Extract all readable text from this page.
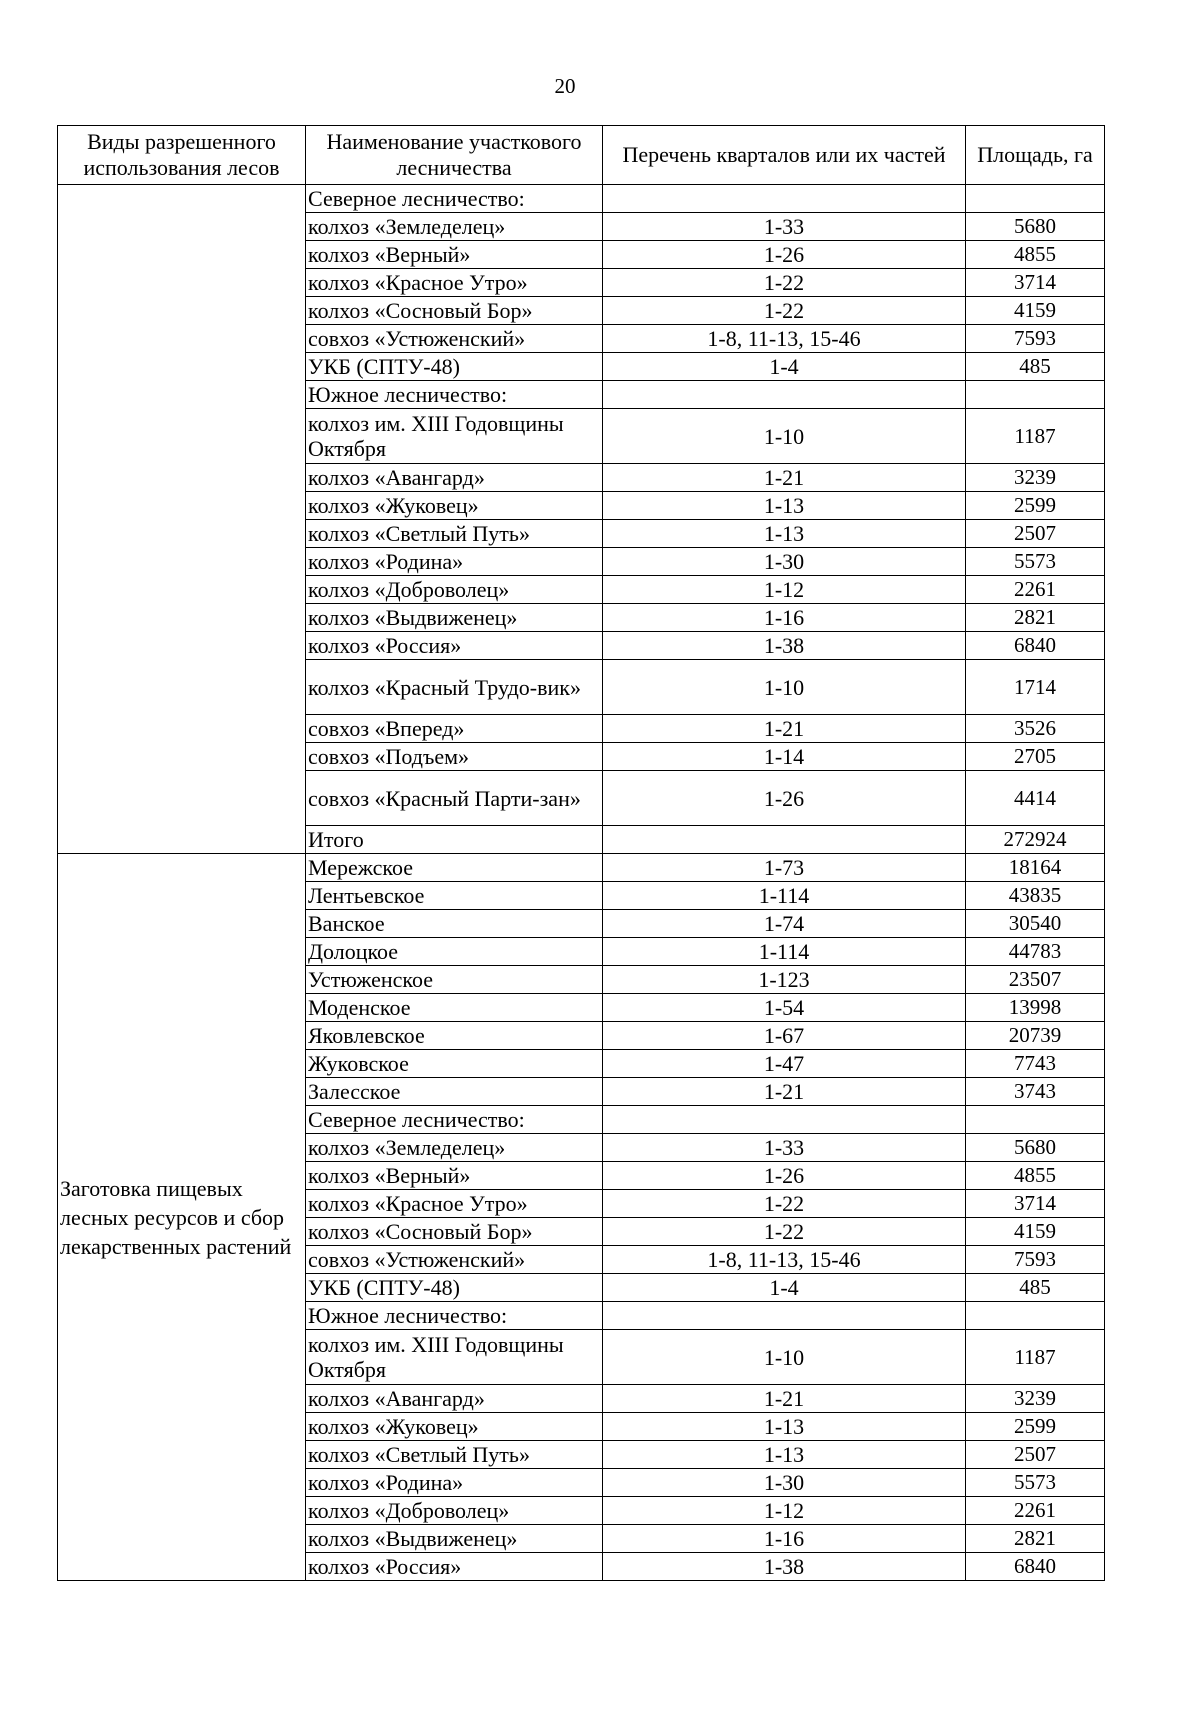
20
Виды разрешенного использования лесов	Наименование участкового лесничества	Перечень кварталов или их частей	Площадь, га
	Северное лесничество:		
	колхоз «Земледелец»	1-33	5680
	колхоз «Верный»	1-26	4855
	колхоз «Красное Утро»	1-22	3714
	колхоз «Сосновый Бор»	1-22	4159
	совхоз «Устюженский»	1-8, 11-13, 15-46	7593
	УКБ (СПТУ-48)	1-4	485
	Южное лесничество:		
	колхоз им. XIII Годовщины Октября	1-10	1187
	колхоз «Авангард»	1-21	3239
	колхоз «Жуковец»	1-13	2599
	колхоз «Светлый Путь»	1-13	2507
	колхоз «Родина»	1-30	5573
	колхоз «Доброволец»	1-12	2261
	колхоз «Выдвиженец»	1-16	2821
	колхоз «Россия»	1-38	6840
	колхоз «Красный Трудо-вик»	1-10	1714
	совхоз «Вперед»	1-21	3526
	совхоз «Подъем»	1-14	2705
	совхоз «Красный Парти-зан»	1-26	4414
	Итого		272924
Заготовка пищевых лесных ресурсов и сбор лекарственных растений	Мережское	1-73	18164
	Лентьевское	1-114	43835
	Ванское	1-74	30540
	Долоцкое	1-114	44783
	Устюженское	1-123	23507
	Моденское	1-54	13998
	Яковлевское	1-67	20739
	Жуковское	1-47	7743
	Залесское	1-21	3743
	Северное лесничество:		
	колхоз «Земледелец»	1-33	5680
	колхоз «Верный»	1-26	4855
	колхоз «Красное Утро»	1-22	3714
	колхоз «Сосновый Бор»	1-22	4159
	совхоз «Устюженский»	1-8, 11-13, 15-46	7593
	УКБ (СПТУ-48)	1-4	485
	Южное лесничество:		
	колхоз им. XIII Годовщины Октября	1-10	1187
	колхоз «Авангард»	1-21	3239
	колхоз «Жуковец»	1-13	2599
	колхоз «Светлый Путь»	1-13	2507
	колхоз «Родина»	1-30	5573
	колхоз «Доброволец»	1-12	2261
	колхоз «Выдвиженец»	1-16	2821
	колхоз «Россия»	1-38	6840
